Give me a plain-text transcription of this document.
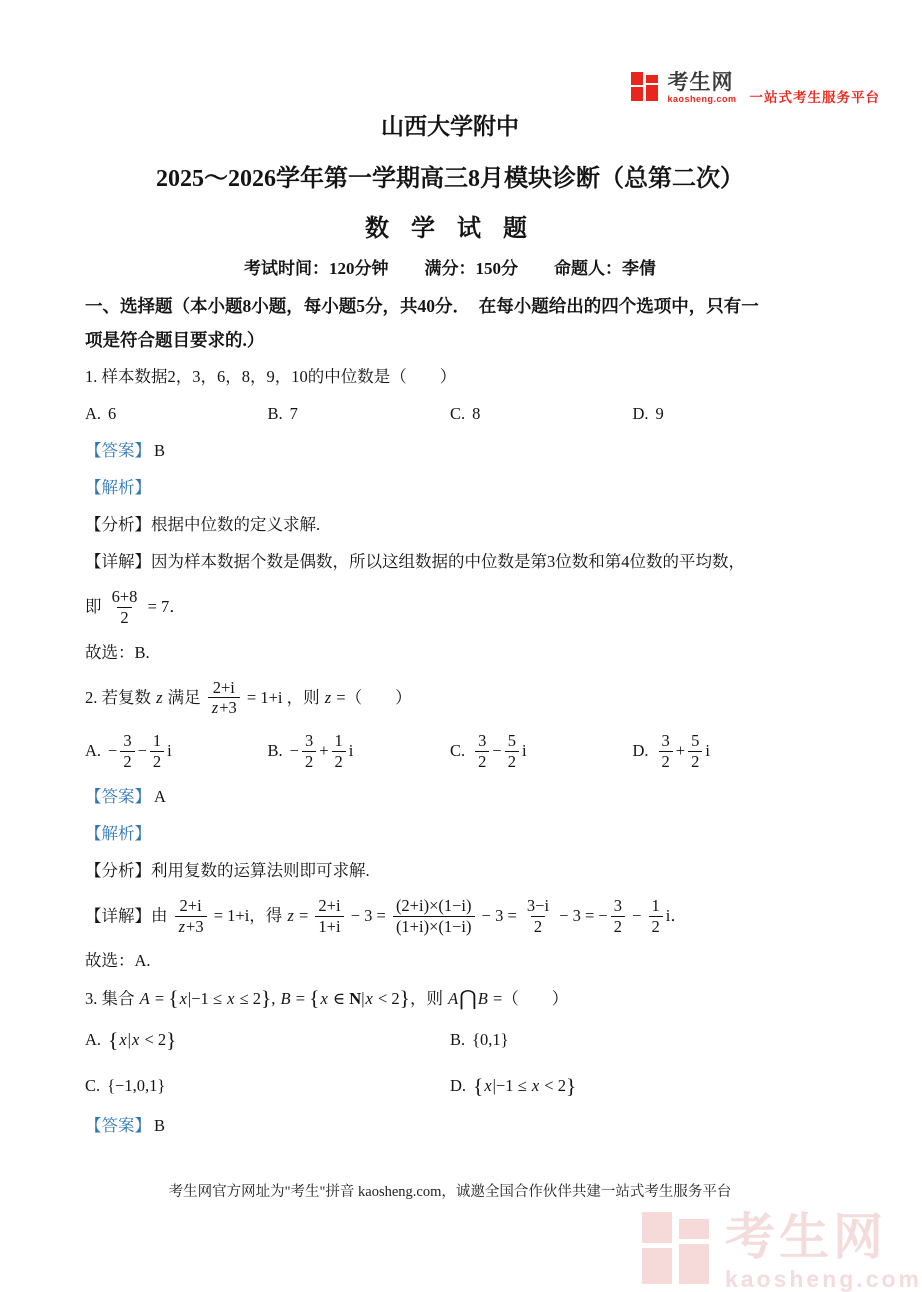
考生网
kaosheng.com 一站式考生服务平台
山西大学附中
2025～2026学年第一学期高三8月模块诊断（总第二次）
数 学 试 题

考试时间：120分钟 满分：150分 命题人：李倩

一、选择题（本小题8小题，每小题5分，共40分．　在每小题给出的四个选项中，只有一
项是符合题目要求的.）

1. 样本数据2，3，6，8，9，10的中位数是（　　）

A. 6	B. 7	C. 8	D. 9

【答案】 B

【解析】

【分析】根据中位数的定义求解.

【详解】因为样本数据个数是偶数，所以这组数据的中位数是第3位数和第4位数的平均数，

即 $\frac{6+8}{2} = 7$．

故选：B.

2. 若复数 z 满足 $\frac{2+i}{z+3} = 1+i$ ，则 z =（　　）

A. − $\frac{3}{2} - \frac{1}{2}$ i	B. − $\frac{3}{2} + \frac{1}{2}$ i	C. $\frac{3}{2} - \frac{5}{2}$ i	D. $\frac{3}{2} + \frac{5}{2}$ i

【答案】 A

【解析】

【分析】利用复数的运算法则即可求解.

【详解】 由 $\frac{2+i}{z+3} = 1+i$，得 $z = \frac{2+i}{1+i} - 3 = \frac{(2+i)\times(1-i)}{(1+i)\times(1-i)} - 3 = \frac{3-i}{2} - 3$ = − $\frac{3}{2} - \frac{1}{2}$ i．

故选：A.

3. 集合 A = { x |−1 ≤ x ≤ 2 } , B = { x ∈ N | x < 2 } ，则 A ⋂ B =（　　）

A. { x | x < 2 }	B. {0,1}
C. {−1,0,1}	D. { x |−1 ≤ x < 2 }

【答案】 B

考生网官方网址为"考生"拼音 kaosheng.com，诚邀全国合作伙伴共建一站式考生服务平台
考生网
kaosheng.com
